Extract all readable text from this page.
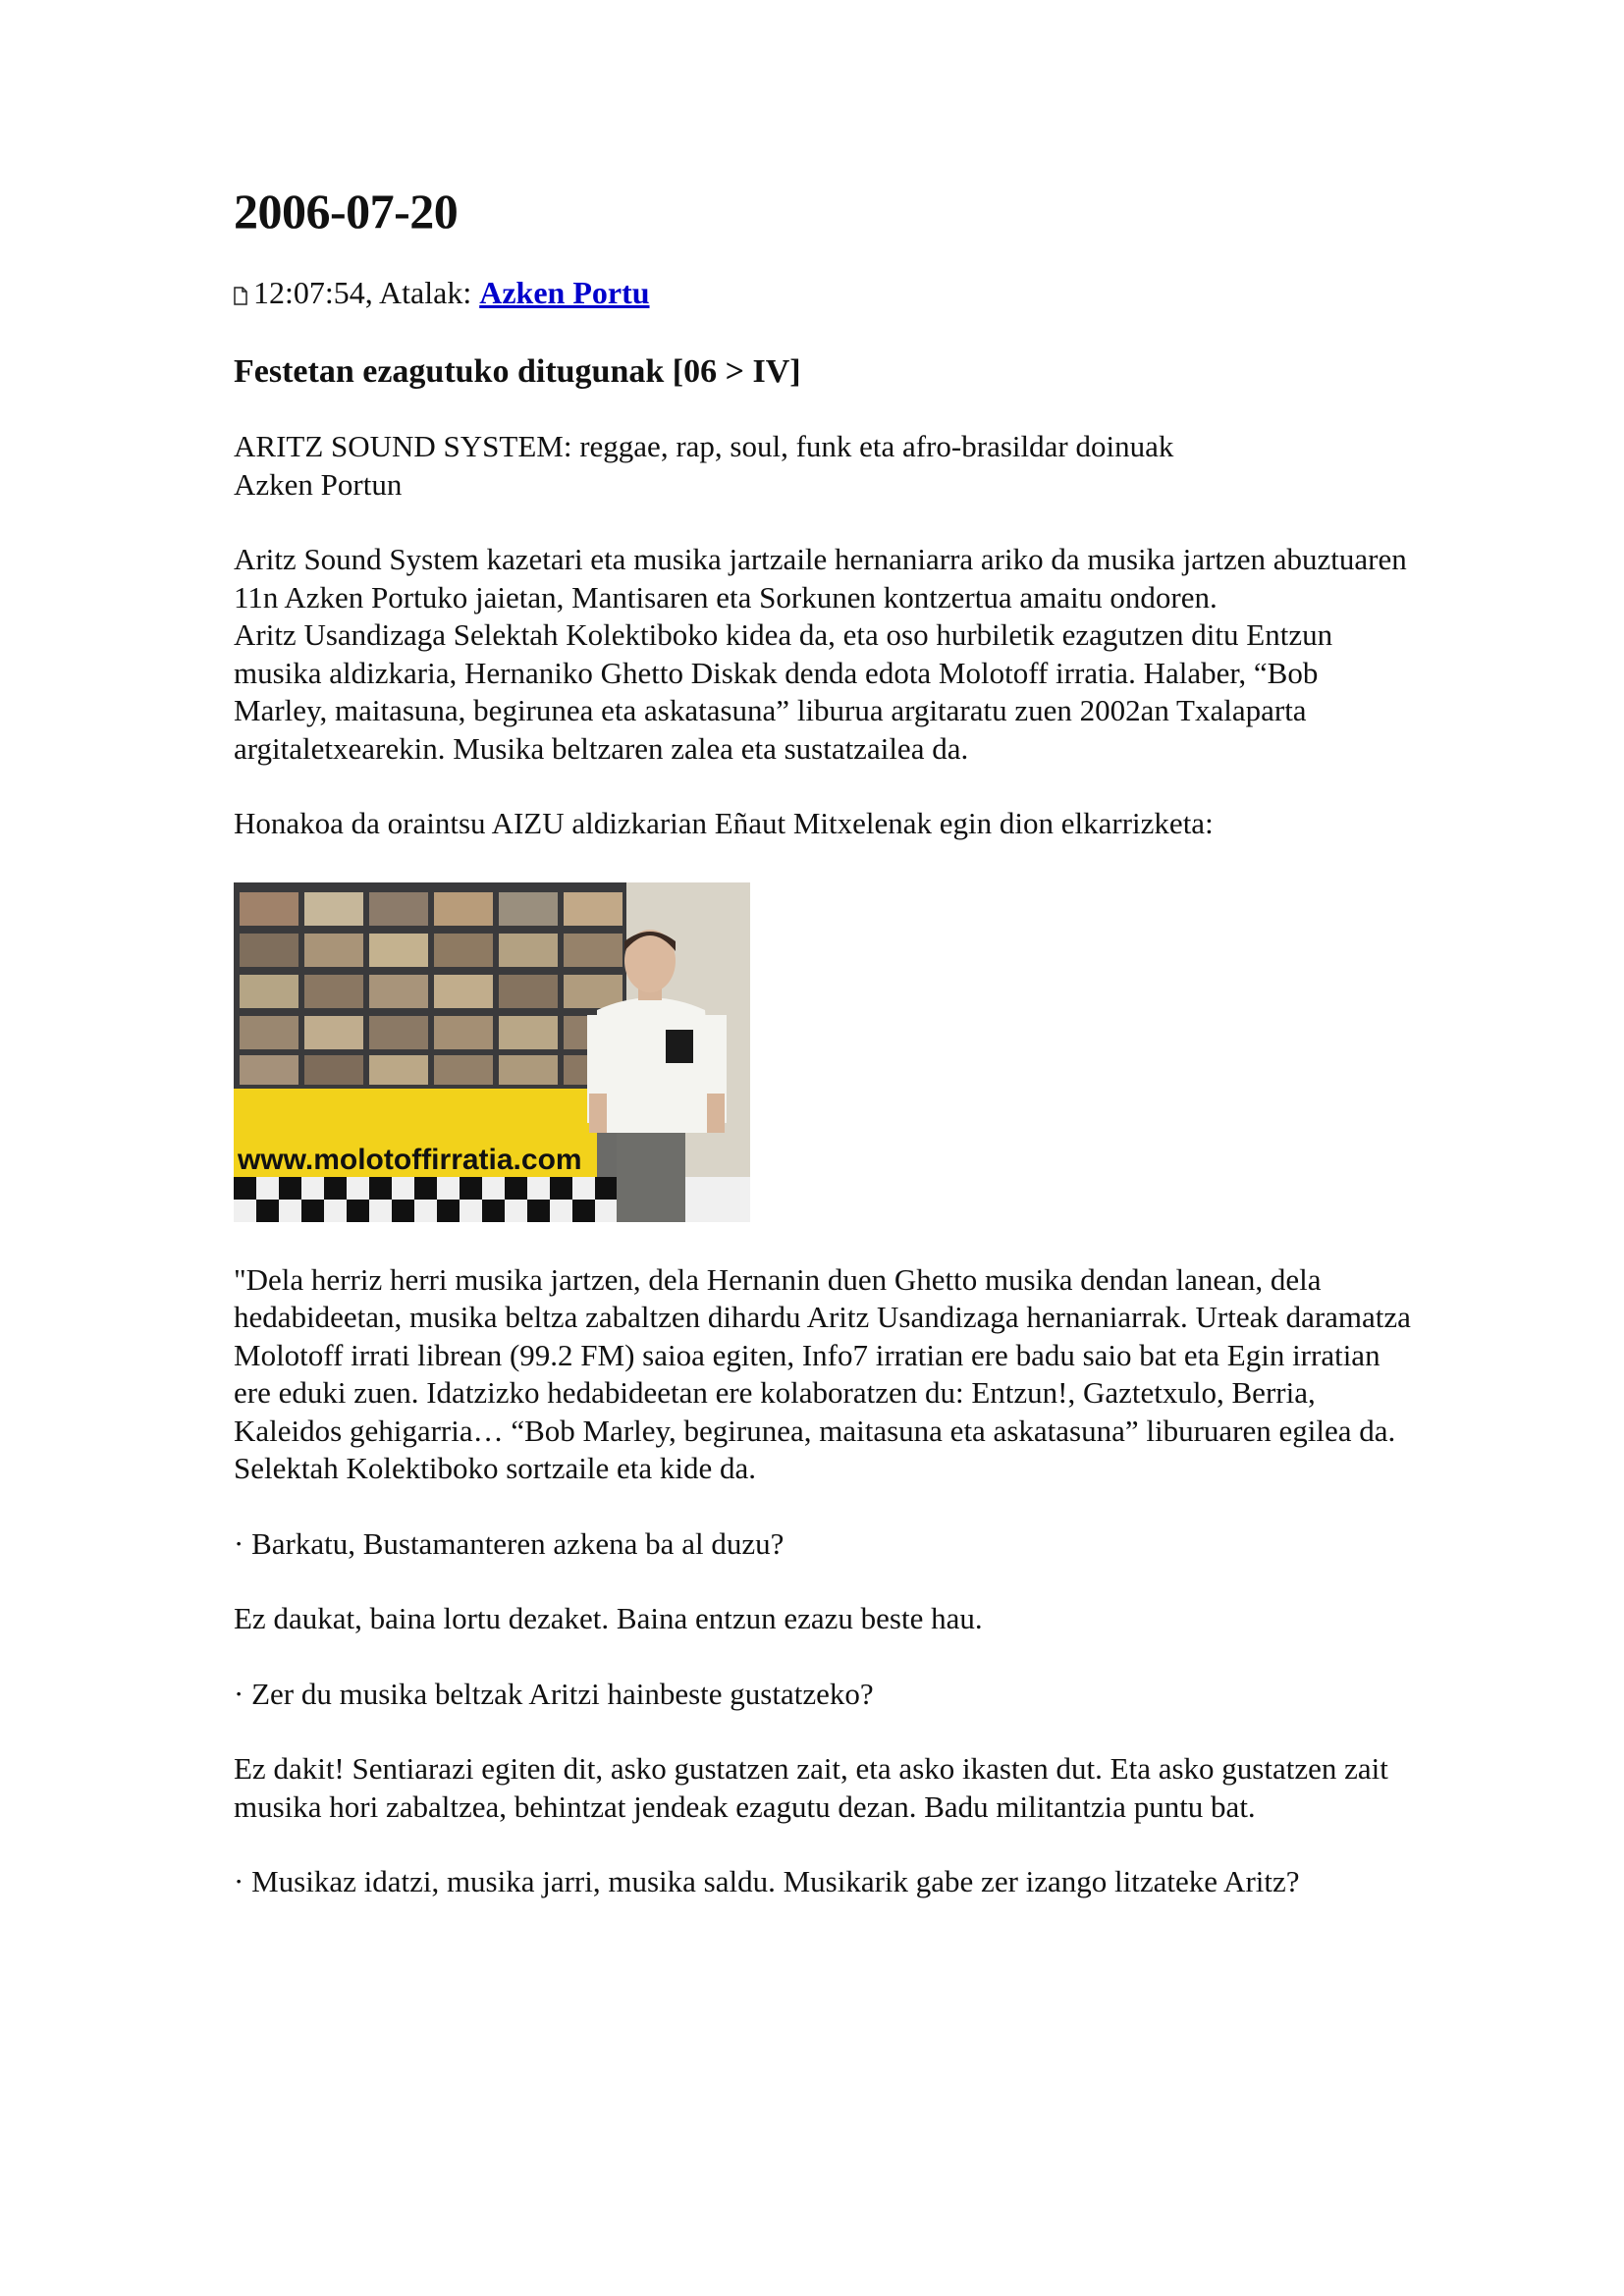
2006-07-20
12:07:54, Atalak: Azken Portu
Festetan ezagutuko ditugunak [06 > IV]

ARITZ SOUND SYSTEM: reggae, rap, soul, funk eta afro-brasildar doinuak
Azken Portun

Aritz Sound System kazetari eta musika jartzaile hernaniarra ariko da musika jartzen abuztuaren 11n Azken Portuko jaietan, Mantisaren eta Sorkunen kontzertua amaitu ondoren.

Aritz Usandizaga Selektah Kolektiboko kidea da, eta oso hurbiletik ezagutzen ditu Entzun musika aldizkaria, Hernaniko Ghetto Diskak denda edota Molotoff irratia. Halaber, “Bob Marley, maitasuna, begirunea eta askatasuna” liburua argitaratu zuen 2002an Txalaparta argitaletxearekin. Musika beltzaren zalea eta sustatzailea da.

Honakoa da oraintsu AIZU aldizkarian Eñaut Mitxelenak egin dion elkarrizketa:

www.molotoffirratia.com

"Dela herriz herri musika jartzen, dela Hernanin duen Ghetto musika dendan lanean, dela hedabideetan, musika beltza zabaltzen dihardu Aritz Usandizaga hernaniarrak. Urteak daramatza Molotoff irrati librean (99.2 FM) saioa egiten, Info7 irratian ere badu saio bat eta Egin irratian ere eduki zuen. Idatzizko hedabideetan ere kolaboratzen du: Entzun!, Gaztetxulo, Berria, Kaleidos gehigarria… “Bob Marley, begirunea, maitasuna eta askatasuna” liburuaren egilea da. Selektah Kolektiboko sortzaile eta kide da.

· Barkatu, Bustamanteren azkena ba al duzu?

Ez daukat, baina lortu dezaket. Baina entzun ezazu beste hau.

· Zer du musika beltzak Aritzi hainbeste gustatzeko?

Ez dakit! Sentiarazi egiten dit, asko gustatzen zait, eta asko ikasten dut. Eta asko gustatzen zait musika hori zabaltzea, behintzat jendeak ezagutu dezan. Badu militantzia puntu bat.

· Musikaz idatzi, musika jarri, musika saldu. Musikarik gabe zer izango litzateke Aritz?
